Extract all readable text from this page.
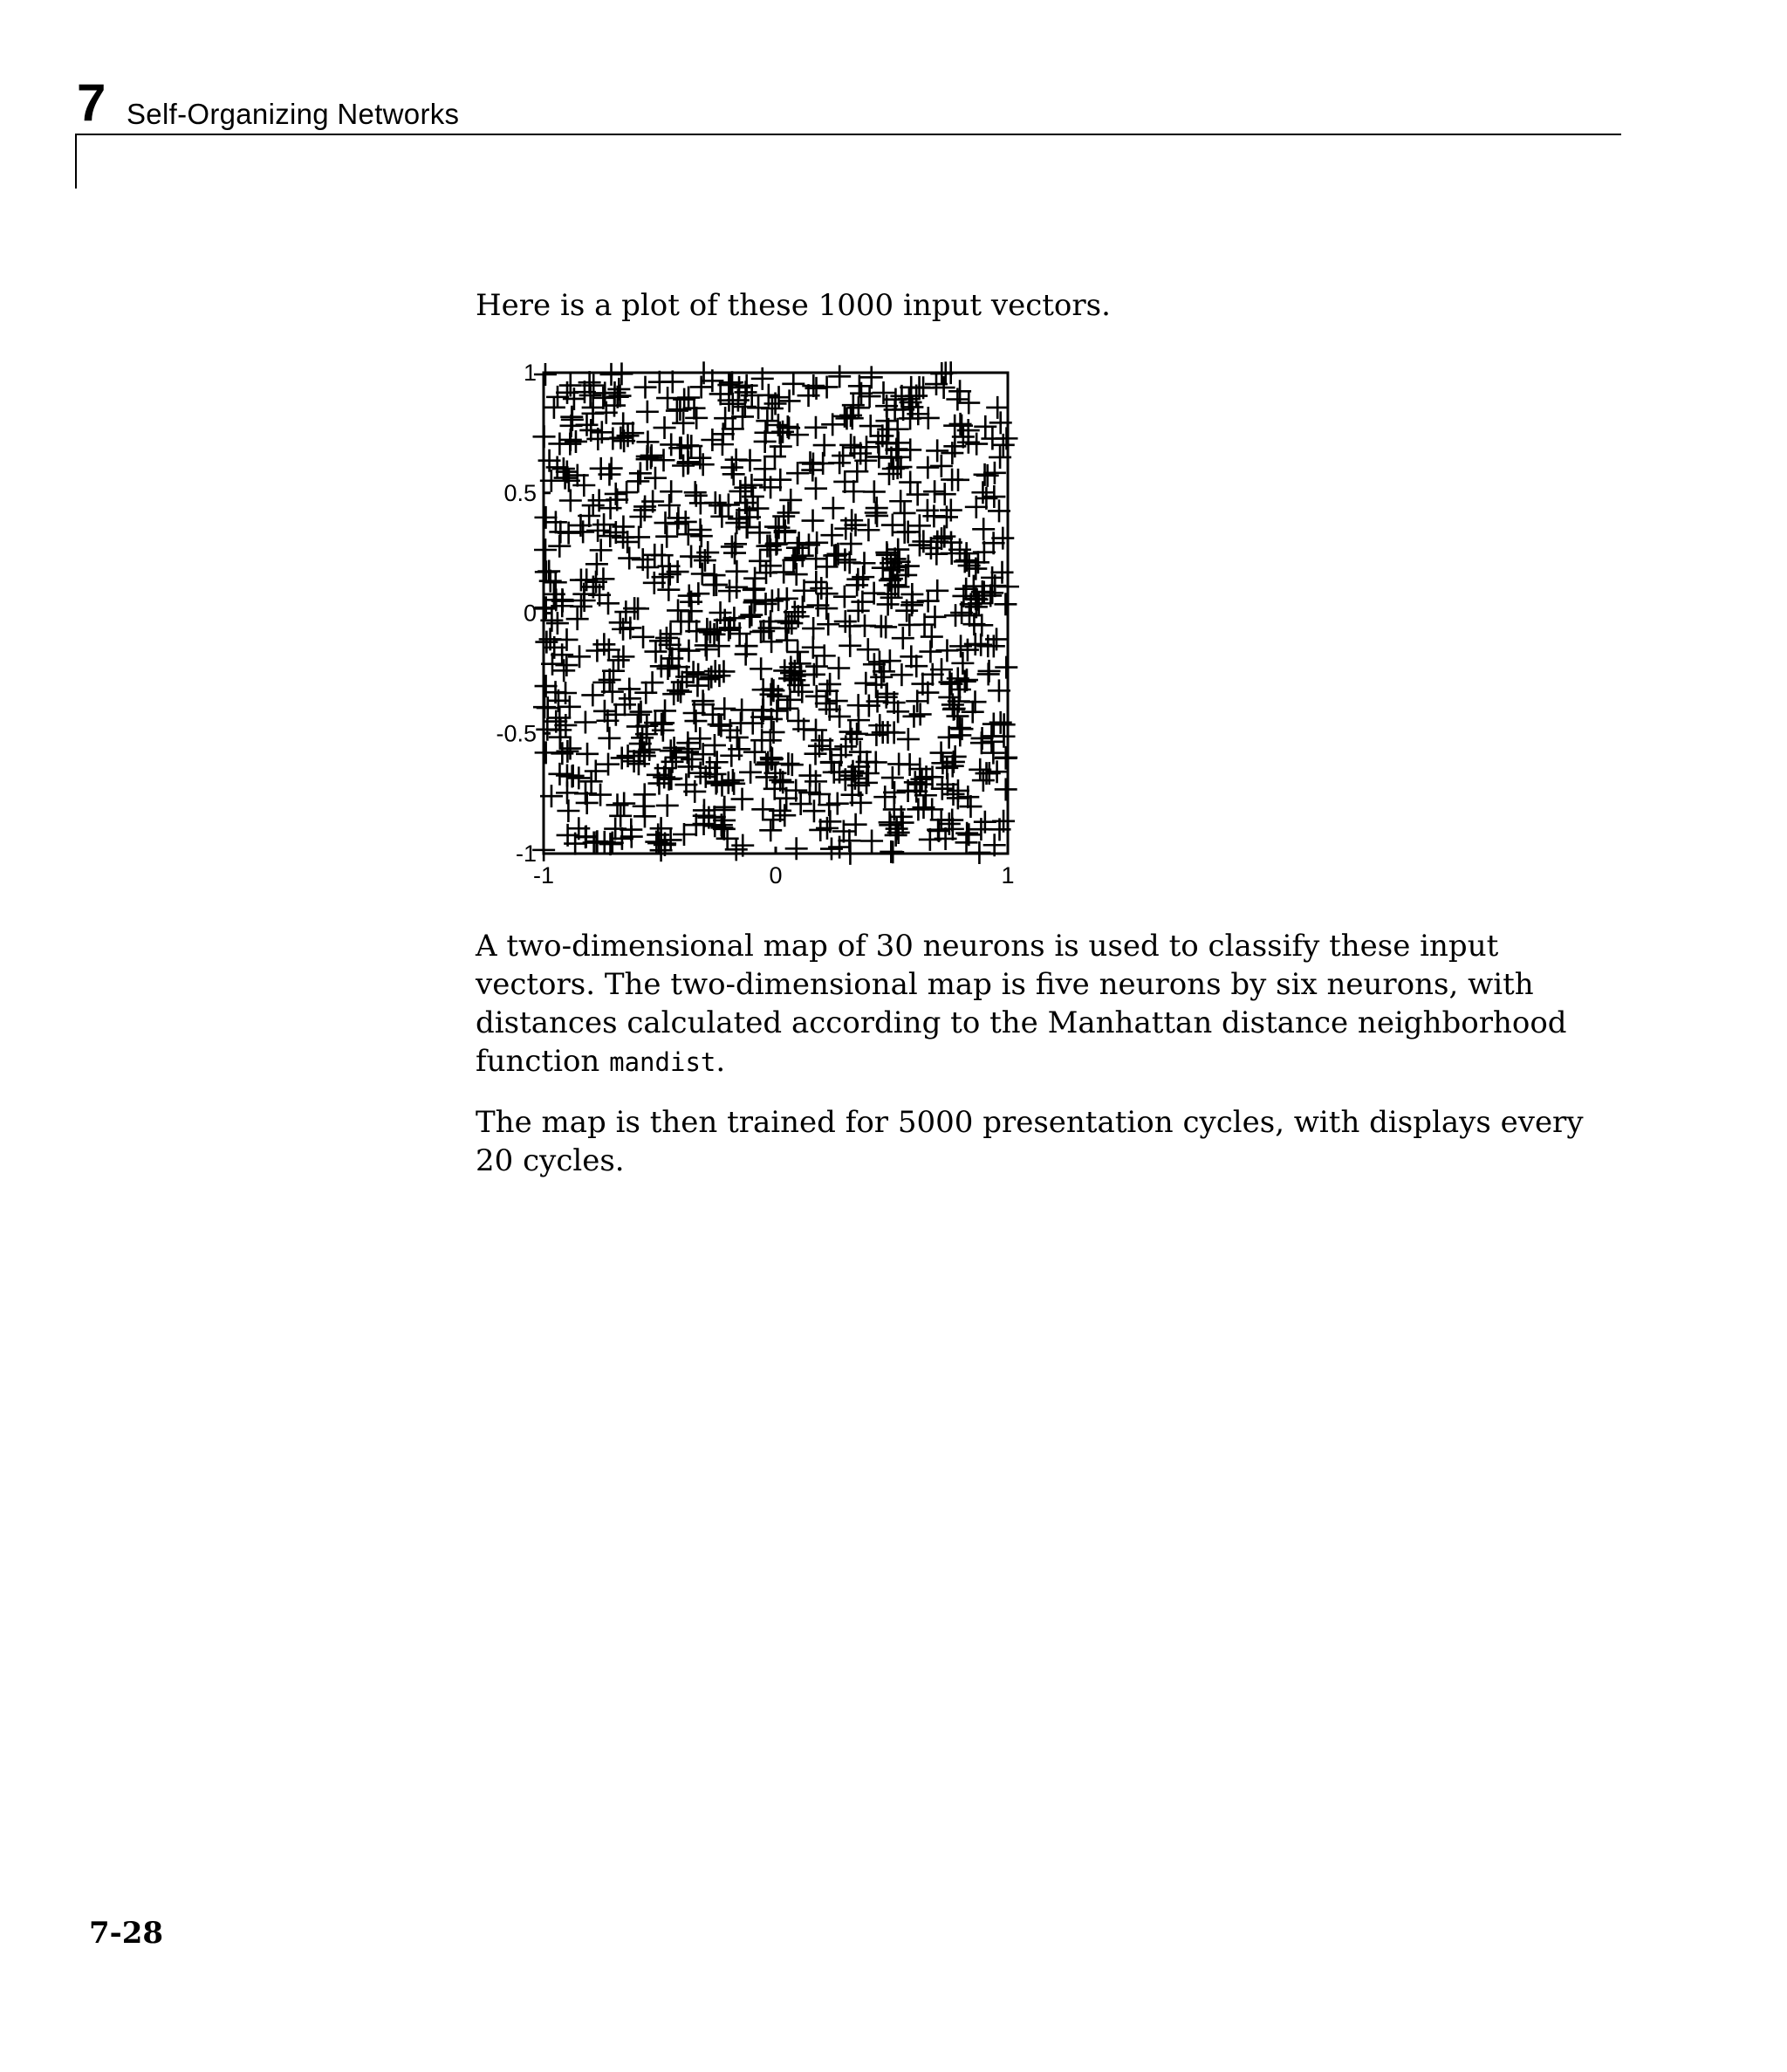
7 Self-Organizing Networks

Here is a plot of these 1000 input vectors.

-1
-0.5
0
0.5
1
-1	0	1

A two-dimensional map of 30 neurons is used to classify these input vectors. The two-dimensional map is five neurons by six neurons, with distances calculated according to the Manhattan distance neighborhood function mandist.

The map is then trained for 5000 presentation cycles, with displays every 20 cycles.

7-28
